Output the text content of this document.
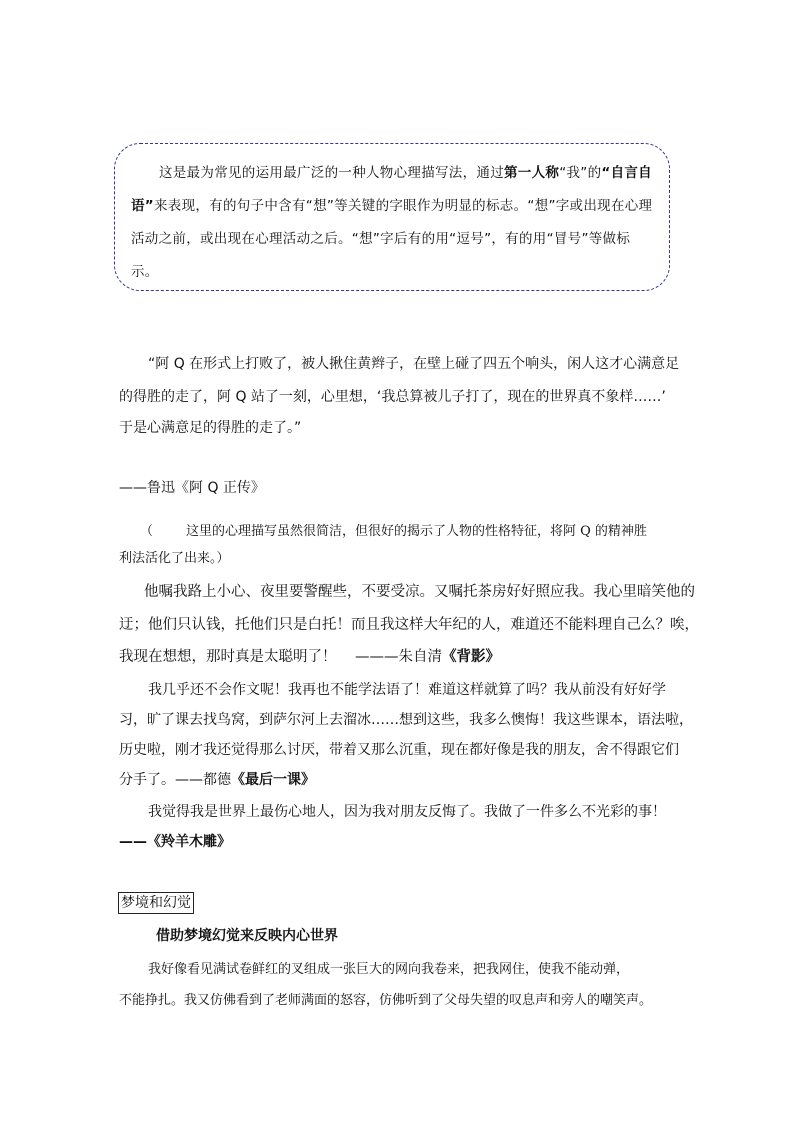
这是最为常见的运用最广泛的一种人物心理描写法，通过第一人称“我”的“自言自语”来表现，有的句子中含有“想”等关键的字眼作为明显的标志。“想”字或出现在心理活动之前，或出现在心理活动之后。“想”字后有的用“逗号”，有的用“冒号”等做标示。

“阿 Q 在形式上打败了，被人揪住黄辫子，在壁上碰了四五个响头，闲人这才心满意足
的得胜的走了，阿 Q 站了一刻，心里想，‘我总算被儿子打了，现在的世界真不象样……’
于是心满意足的得胜的走了。”
——鲁迅《阿 Q 正传》
（	这里的心理描写虽然很简洁，但很好的揭示了人物的性格特征，将阿 Q 的精神胜
利法活化了出来。）
他嘱我路上小心、夜里要警醒些，不要受凉。又嘱托茶房好好照应我。我心里暗笑他的
迂；他们只认钱，托他们只是白托！而且我这样大年纪的人，难道还不能料理自己么？唉，
我现在想想，那时真是太聪明了！ ———朱自清《背影》
我几乎还不会作文呢！我再也不能学法语了！难道这样就算了吗？我从前没有好好学
习，旷了课去找鸟窝，到萨尔河上去溜冰……想到这些，我多么懊悔！我这些课本，语法啦，
历史啦，刚才我还觉得那么讨厌，带着又那么沉重，现在都好像是我的朋友，舍不得跟它们
分手了。——都德《最后一课》
我觉得我是世界上最伤心地人，因为我对朋友反悔了。我做了一件多么不光彩的事！
——《羚羊木雕》
梦境和幻觉
借助梦境幻觉来反映内心世界
我好像看见满试卷鲜红的叉组成一张巨大的网向我卷来，把我网住，使我不能动弹，
不能挣扎。我又仿佛看到了老师满面的怒容，仿佛听到了父母失望的叹息声和旁人的嘲笑声。
